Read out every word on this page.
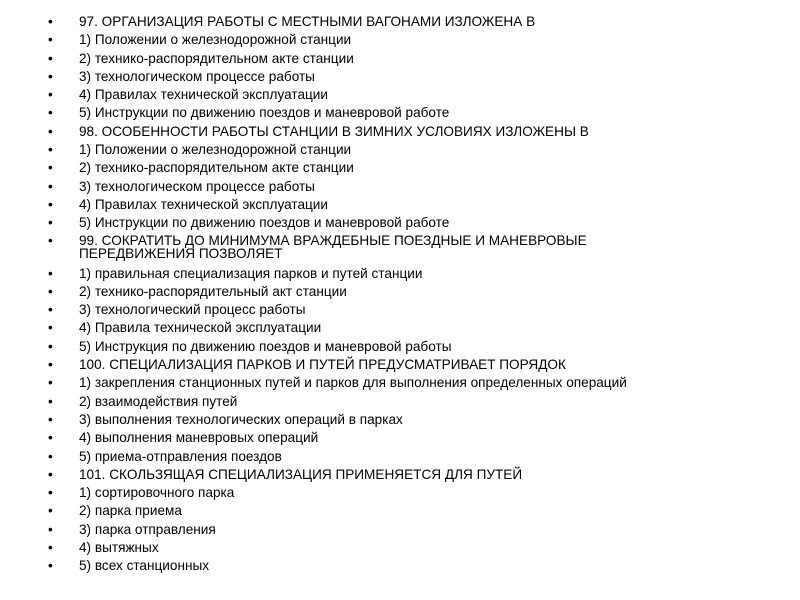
• 97. ОРГАНИЗАЦИЯ РАБОТЫ С МЕСТНЫМИ ВАГОНАМИ ИЗЛОЖЕНА В
• 1) Положении о железнодорожной станции
• 2) технико-распорядительном акте станции
• 3) технологическом процессе работы
• 4) Правилах технической эксплуатации
• 5) Инструкции по движению поездов и маневровой работе
• 98. ОСОБЕННОСТИ РАБОТЫ СТАНЦИИ В ЗИМНИХ УСЛОВИЯХ ИЗЛОЖЕНЫ В
• 1) Положении о железнодорожной станции
• 2) технико-распорядительном акте станции
• 3) технологическом процессе работы
• 4) Правилах технической эксплуатации
• 5) Инструкции по движению поездов и маневровой работе
• 99. СОКРАТИТЬ ДО МИНИМУМА ВРАЖДЕБНЫЕ ПОЕЗДНЫЕ И МАНЕВРОВЫЕ ПЕРЕДВИЖЕНИЯ ПОЗВОЛЯЕТ
• 1) правильная специализация парков и путей станции
• 2) технико-распорядительный акт станции
• 3) технологический процесс работы
• 4) Правила технической эксплуатации
• 5) Инструкция по движению поездов и маневровой работы
• 100. СПЕЦИАЛИЗАЦИЯ ПАРКОВ И ПУТЕЙ ПРЕДУСМАТРИВАЕТ ПОРЯДОК
• 1) закрепления станционных путей и парков для выполнения определенных операций
• 2) взаимодействия путей
• 3) выполнения технологических операций в парках
• 4) выполнения маневровых операций
• 5) приема-отправления поездов
• 101. СКОЛЬЗЯЩАЯ СПЕЦИАЛИЗАЦИЯ ПРИМЕНЯЕТСЯ ДЛЯ ПУТЕЙ
• 1) сортировочного парка
• 2) парка приема
• 3) парка отправления
• 4) вытяжных
• 5) всех станционных
